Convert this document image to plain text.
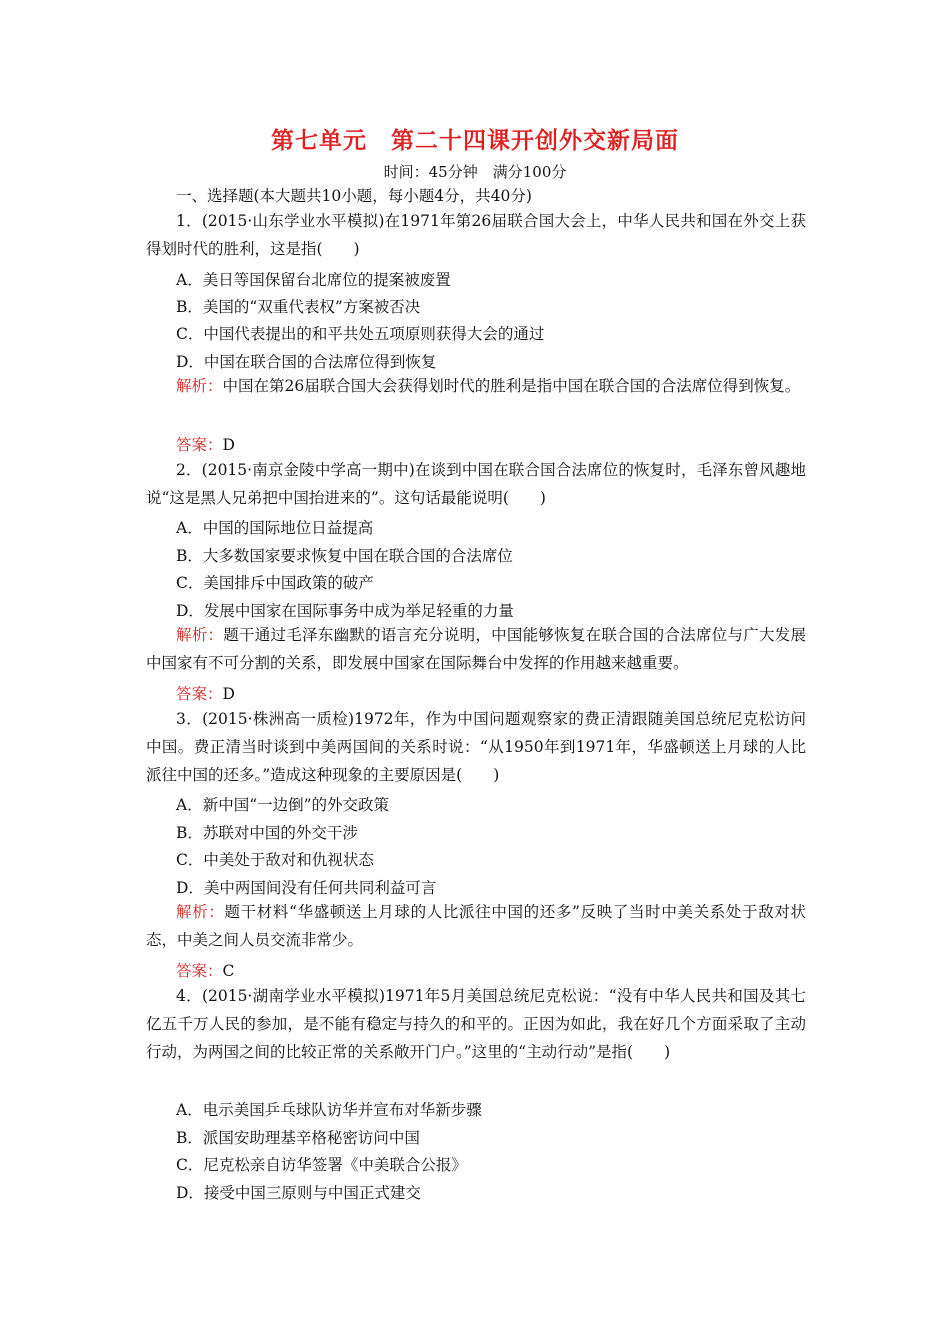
第七单元　第二十四课开创外交新局面
时间：45分钟　满分100分
一、选择题(本大题共10小题，每小题4分，共40分)
1．(2015·山东学业水平模拟)在1971年第26届联合国大会上，中华人民共和国在外交上获得划时代的胜利，这是指(　　)
A．美日等国保留台北席位的提案被废置
B．美国的“双重代表权”方案被否决
C．中国代表提出的和平共处五项原则获得大会的通过
D．中国在联合国的合法席位得到恢复
解析：中国在第26届联合国大会获得划时代的胜利是指中国在联合国的合法席位得到恢复。
答案：D
2．(2015·南京金陵中学高一期中)在谈到中国在联合国合法席位的恢复时，毛泽东曾风趣地说“这是黑人兄弟把中国抬进来的”。这句话最能说明(　　)
A．中国的国际地位日益提高
B．大多数国家要求恢复中国在联合国的合法席位
C．美国排斥中国政策的破产
D．发展中国家在国际事务中成为举足轻重的力量
解析：题干通过毛泽东幽默的语言充分说明，中国能够恢复在联合国的合法席位与广大发展中国家有不可分割的关系，即发展中国家在国际舞台中发挥的作用越来越重要。
答案：D
3．(2015·株洲高一质检)1972年，作为中国问题观察家的费正清跟随美国总统尼克松访问中国。费正清当时谈到中美两国间的关系时说：“从1950年到1971年，华盛顿送上月球的人比派往中国的还多。”造成这种现象的主要原因是(　　)
A．新中国“一边倒”的外交政策
B．苏联对中国的外交干涉
C．中美处于敌对和仇视状态
D．美中两国间没有任何共同利益可言
解析：题干材料“华盛顿送上月球的人比派往中国的还多”反映了当时中美关系处于敌对状态，中美之间人员交流非常少。
答案：C
4．(2015·湖南学业水平模拟)1971年5月美国总统尼克松说：“没有中华人民共和国及其七亿五千万人民的参加，是不能有稳定与持久的和平的。正因为如此，我在好几个方面采取了主动行动，为两国之间的比较正常的关系敞开门户。”这里的“主动行动”是指(　　)
A．电示美国乒乓球队访华并宣布对华新步骤
B．派国安助理基辛格秘密访问中国
C．尼克松亲自访华签署《中美联合公报》
D．接受中国三原则与中国正式建交
